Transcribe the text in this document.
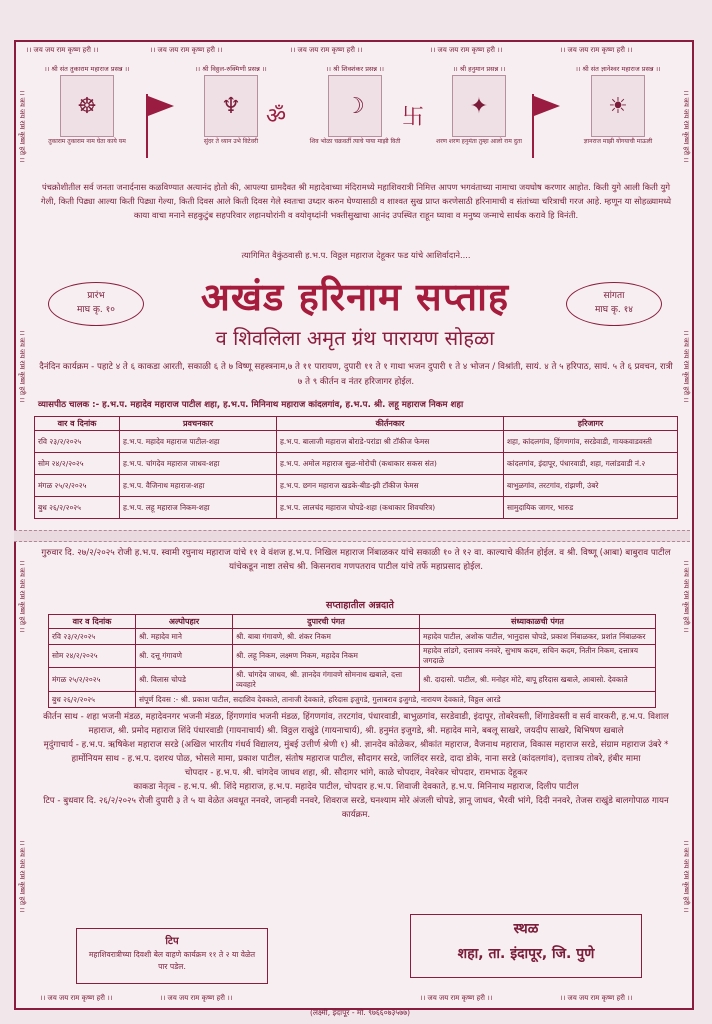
।। जय जय राम कृष्ण हरी ।।	।। जय जय राम कृष्ण हरी ।।	।। जय जय राम कृष्ण हरी ।।	।। जय जय राम कृष्ण हरी ।।	।। जय जय राम कृष्ण हरी ।।
।। जय जय राम कृष्ण हरी ।।	।। जय जय राम कृष्ण हरी ।।	।। जय जय राम कृष्ण हरी ।।	।। जय जय राम कृष्ण हरी ।।
।। जय जय राम कृष्ण हरी ।।
।। जय जय राम कृष्ण हरी ।।
।। जय जय राम कृष्ण हरी ।।
।। जय जय राम कृष्ण हरी ।।
।। जय जय राम कृष्ण हरी ।।
।। जय जय राम कृष्ण हरी ।।
।। जय जय राम कृष्ण हरी ।।
।। जय जय राम कृष्ण हरी ।।
।। श्री संत तुकाराम महाराज प्रसन्न ।।
☸
तुकाराम तुकाराम नाम घेता काये यम
।। श्री विठ्ठल-रुक्मिणी प्रसन्न ।।
♆
सुंदर ते ध्यान उभे विटेवरी
।। श्री शिवशंकर प्रसन्न ।।
☽
शिव भोळा चक्रवर्ती त्याचे पाया माझी विती
।। श्री हनुमान प्रसन्न ।।
✦
शरण शरण हनुमंता तुम्हा आलो राम दुता
।। श्री संत ज्ञानेश्वर महाराज प्रसन्न ।।
☀
ज्ञानराज माझी योगयाची माऊली
ॐ	卐
पंचक्रोशीतील सर्व जनता जनार्दनास कळविण्यात अत्यानंद होतो की, आपल्या ग्रामदैवत श्री महादेवाच्या मंदिरामध्ये महाशिवरात्री निमित्त आपण भगवंताच्या नामाचा जयघोष करणार आहोत. किती युगे आली किती युगे गेली, किती पिढ्या आल्या किती पिढ्या गेल्या, किती दिवस आले किती दिवस गेले स्वतःचा उध्दार करुन घेण्यासाठी व शाश्वत सुख प्राप्त करणेसाठी हरिनामाची व संतांच्या चरित्राची गरज आहे. म्हणून या सोहळ्यामध्ये काया वाचा मनाने सहकुटुंब सहपरिवार लहानथोरांनी व वयोवृध्दांनी भक्तीसुखाचा आनंद उपस्थित राहून घ्यावा व मनुष्य जन्माचे सार्थक करावे हि विनंती.
त्यागिमित वैकुंठवासी ह.भ.प. विठ्ठल महाराज देहूकर फड यांचे आशिर्वादाने....
प्रारंभ
माघ कृ. १०
सांगता
माघ कृ. १४
अखंड हरिनाम सप्ताह
व शिवलिला अमृत ग्रंथ पारायण सोहळा
दैनंदिन कार्यक्रम - पहाटे ४ ते ६ काकडा आरती, सकाळी ६ ते ७ विष्णू सहस्त्रनाम,७ ते ११ पारायण, दुपारी ११ ते १ गाथा भजन दुपारी १ ते ४ भोजन / विश्रांती, सायं. ४ ते ५ हरिपाठ, सायं. ५ ते ६ प्रवचन, रात्री ७ ते ९ कीर्तन व नंतर हरिजागर होईल.
व्यासपीठ चालक :- ह.भ.प. महादेव महाराज पाटील शहा, ह.भ.प. मिनिनाथ महाराज कांदलगांव, ह.भ.प. श्री. लहू महाराज निकम शहा
वार व दिनांक	प्रवचनकार	कीर्तनकार	हरिजागर
रवि २३/२/२०२५	ह.भ.प. महादेव महाराज पाटील-शहा	ह.भ.प. बालाजी महाराज बोराडे-परांडा श्री टॉकीज फेमस	शहा, कांदलगांव, हिंगणगांव, सरडेवाडी, गायकवाडवस्ती
सोम २४/२/२०२५	ह.भ.प. चांगदेव महाराज जाधव-शहा	ह.भ.प. अमोल महाराज सुळ-मोरोची (कथाकार सकस संत)	कांदलगांव, इंदापूर, पंधारवाडी, शहा, गलांडवाडी नं.२
मंगळ २५/२/२०२५	ह.भ.प. वैजिनाथ महाराज-शहा	ह.भ.प. छगन महाराज खडके-बीड-झी टॉकीज फेमस	बाभुळगांव, तरटगांव, रांझणी, उंबरे
बुध २६/२/२०२५	ह.भ.प. लहू महाराज निकम-शहा	ह.भ.प. लालचंद महाराज चोपडे-शहा (कथाकार शिवचरित्र)	सामुदायिक जागर, भारुड
गुरुवार दि. २७/२/२०२५ रोजी ह.भ.प. स्वामी रघुनाथ महाराज यांचे ११ वे वंशज ह.भ.प. निखिल महाराज निंबाळकर यांचे सकाळी १० ते १२ वा. काल्याचे कीर्तन होईल. व श्री. विष्णू (आबा) बाबुराव पाटील यांचेकडून नाष्टा तसेच श्री. किसनराव गणपतराव पाटील यांचे तर्फे महाप्रसाद होईल.
सप्ताहातील अन्नदाते
वार व दिनांक	अल्पोपहार	दुपारची पंगत	संध्याकाळची पंगत
रवि २३/२/२०२५	श्री. महादेव माने	श्री. बाबा गंगावणे, श्री. शंकर निकम	महादेव पाटील, अशोक पाटील, भानुदास चोपडे, प्रकाश निंबाळकर, प्रशांत निंबाळकर
सोम २४/२/२०२५	श्री. दत्तू गंगावणे	श्री. लहू निकम, लक्ष्मण निकम, महादेव निकम	महादेव लांडगे, दत्तात्रय ननवरे, सुभाष कदम, सचिन कदम, नितीन निकम, दत्तात्रय जगदाळे
मंगळ २५/२/२०२५	श्री. विलास चोपडे	श्री. चांगदेव जाधव, श्री. ज्ञानदेव गंगावणे सोमनाथ खबाले, दत्ता व्यवहारे	श्री. दादासो. पाटील, श्री. मनोहर मोटे, बापू हरिदास खबाले, आबासो. देवकाते
बुध २६/२/२०२५	संपूर्ण दिवस :- श्री. प्रकाश पाटील, सदाशिव देवकाते, तानाजी देवकाते, हरिदास इजुगडे, गुलाबराव इजुगडे, नारायण देवकाते, विठ्ठल आरडे		
कीर्तन साथ - शहा भजनी मंडळ, महादेवनगर भजनी मंडळ, हिंगणगांव भजनी मंडळ, हिंगणगांव, तरटगांव, पंधारवाडी, बाभुळगांव, सरडेवाडी, इंदापूर, तोबरेवस्ती, शिंगाडेवस्ती व सर्व वारकरी, ह.भ.प. विशाल महाराज, श्री. प्रमोद महाराज शिंदे पंधारवाडी (गायनाचार्य) श्री. विठ्ठल राखुंडे (गायनाचार्य), श्री. हनुमंत इजुगडे, श्री. महादेव माने, बबलू साखरे, जयदीप साखरे, बिभिषण खबाले
मृदुंगाचार्य - ह.भ.प. ऋषिकेश महाराज सरडे (अखिल भारतीय गंधर्व विद्यालय, मुंबई उत्तीर्ण श्रेणी १) श्री. ज्ञानदेव कोळेकर, श्रीकांत महाराज, वैजनाथ महाराज, विकास महाराज सरडे, संग्राम महाराज उंबरे * हार्मोनियम साथ - ह.भ.प. दशरथ पोळ, भोसले मामा, प्रकाश पाटील, संतोष महाराज पाटील, सौदागर सरडे, जालिंदर सरडे, दादा डोके, नाना सरडे (कांदलगांव), दत्तात्रय तोबरे, हंबीर मामा
चोपदार - ह.भ.प. श्री. चांगदेव जाधव शहा, श्री. सौदागर भांगे, काळे चोपदार, नेवरेकर चोपदार, रामभाऊ देहूकर
काकडा नेतृत्व - ह.भ.प. श्री. शिंदे महाराज, ह.भ.प. महादेव पाटील, चोपदार ह.भ.प. शिवाजी देवकाते, ह.भ.प. मिनिनाथ महाराज, दिलीप पाटील
टिप - बुधवार दि. २६/२/२०२५ रोजी दुपारी ३ ते ५ या वेळेत अवधूत ननवरे, जान्हवी ननवरे, शिवराज सरडे, घनश्याम मोरे अंजली चोपडे, ज्ञानू जाधव, भैरवी भांगे, दिदी ननवरे, तेजस राखुंडे बालगोपाळ गायन कार्यक्रम.
टिप
महाशिवरात्रीच्या दिवशी बेल वाहणे कार्यक्रम ११ ते २ या वेळेत पार पडेल.
स्थळ
शहा, ता. इंदापूर, जि. पुणे
(लक्ष्मी, इंदापूर - मो. ९७६६०७३५७७)
